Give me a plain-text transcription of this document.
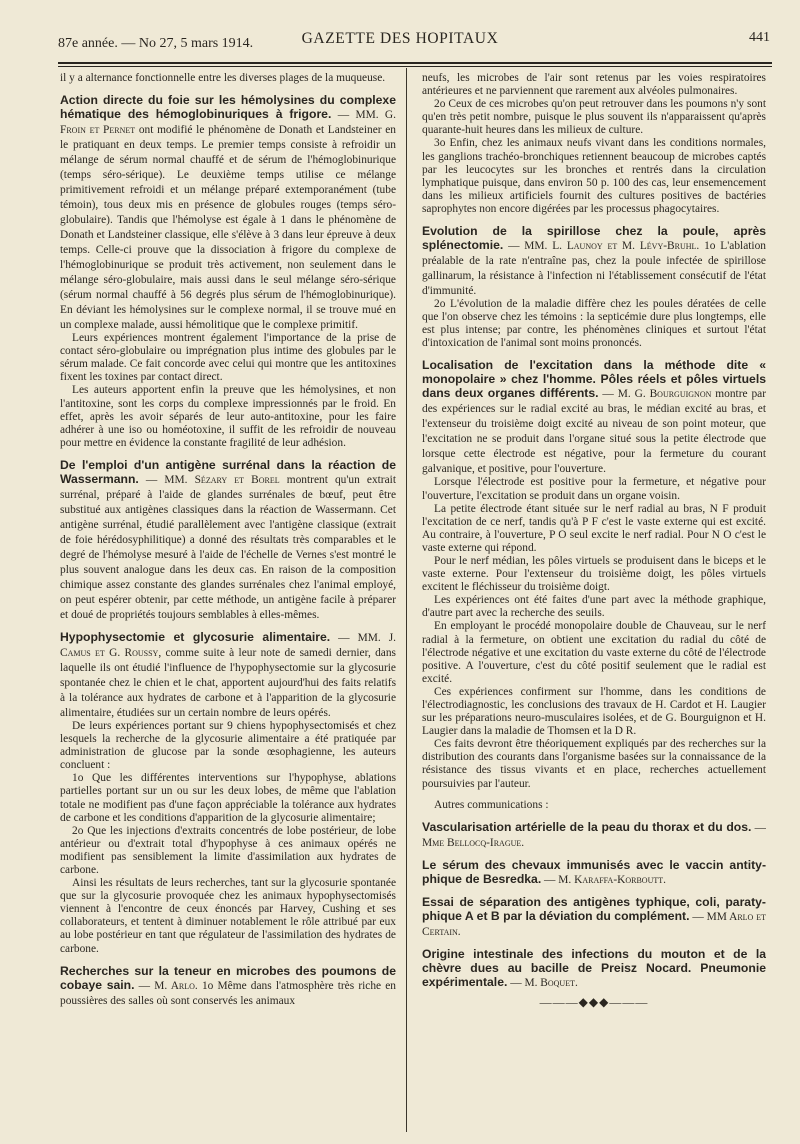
87e année. — No 27, 5 mars 1914.	GAZETTE DES HOPITAUX	441

il y a alternance fonctionnelle entre les diverses plages de la muqueuse.

Action directe du foie sur les hémolysines du complexe hématique des hémoglobinuriques à frigore. — MM. G. Froin et Pernet ont modifié le phénomène de Donath et Landsteiner en le pratiquant en deux temps. Le premier temps consiste à refroidir un mélange de sérum normal chauffé et de sérum de l'hémoglobinurique (temps séro-sérique). Le deuxième temps utilise ce mélange primitivement refroidi et un mélange préparé extemporanément (tube témoin), tous deux mis en présence de globules rouges (temps séro-globulaire). Tandis que l'hémolyse est égale à 1 dans le phénomène de Donath et Landsteiner classique, elle s'élève à 3 dans leur épreuve à deux temps. Celle-ci prouve que la dissociation à frigore du complexe de l'hémoglobinurique se produit très activement, non seulement dans le mélange séro-globulaire, mais aussi dans le seul mélange séro-sérique (sérum normal chauffé à 56 degrés plus sérum de l'hémoglobinurique). En déviant les hémolysines sur le complexe normal, il se trouve mué en un complexe malade, aussi hémolitique que le complexe primitif.

Leurs expériences montrent également l'importance de la prise de contact séro-globulaire ou imprégnation plus intime des globules par le sérum malade. Ce fait concorde avec celui qui montre que les antitoxines fixent les toxines par contact direct.

Les auteurs apportent enfin la preuve que les hémolysines, et non l'antitoxine, sont les corps du complexe impressionnés par le froid. En effet, après les avoir séparés de leur auto-antitoxine, pour les faire adhérer à une iso ou homéotoxine, il suffit de les refroidir de nouveau pour mettre en évidence la constante fragilité de leur adhésion.

De l'emploi d'un antigène surrénal dans la réaction de Wassermann. — MM. Sézary et Borel montrent qu'un extrait surrénal, préparé à l'aide de glandes surrénales de bœuf, peut être substitué aux antigènes classiques dans la réaction de Wassermann. Cet antigène surrénal, étudié parallèlement avec l'antigène classique (extrait de foie hérédosyphilitique) a donné des résultats très comparables et le degré de l'hémolyse mesuré à l'aide de l'échelle de Vernes s'est montré le plus souvent analogue dans les deux cas. En raison de la composition chimique assez constante des glandes surrénales chez l'animal employé, on peut espérer obtenir, par cette méthode, un antigène facile à préparer et doué de propriétés toujours semblables à elles-mêmes.
Hypophysectomie et glycosurie alimentaire. — MM. J. Camus et G. Roussy, comme suite à leur note de samedi dernier, dans laquelle ils ont étudié l'influence de l'hypophysectomie sur la glycosurie spontanée chez le chien et le chat, apportent aujourd'hui des faits relatifs à la tolérance aux hydrates de carbone et à l'apparition de la glycosurie alimentaire, étudiées sur un certain nombre de leurs opérés.

De leurs expériences portant sur 9 chiens hypophysectomisés et chez lesquels la recherche de la glycosurie alimentaire a été pratiquée par administration de glucose par la sonde œsophagienne, les auteurs concluent :

1o Que les différentes interventions sur l'hypophyse, ablations partielles portant sur un ou sur les deux lobes, de même que l'ablation totale ne modifient pas d'une façon appréciable la tolérance aux hydrates de carbone et les conditions d'apparition de la glycosurie alimentaire;

2o Que les injections d'extraits concentrés de lobe postérieur, de lobe antérieur ou d'extrait total d'hypophyse à ces animaux opérés ne modifient pas sensiblement la limite d'assimilation aux hydrates de carbone.

Ainsi les résultats de leurs recherches, tant sur la glycosurie spontanée que sur la glycosurie provoquée chez les animaux hypophysectomisés viennent à l'encontre de ceux énoncés par Harvey, Cushing et ses collaborateurs, et tentent à diminuer notablement le rôle attribué par eux au lobe postérieur en tant que régulateur de l'assimilation des hydrates de carbone.

Recherches sur la teneur en microbes des poumons de cobaye sain. — M. Arlo. 1o Même dans l'atmosphère très riche en poussières des salles où sont conservés les animaux

neufs, les microbes de l'air sont retenus par les voies respiratoires antérieures et ne parviennent que rarement aux alvéoles pulmonaires.

2o Ceux de ces microbes qu'on peut retrouver dans les poumons n'y sont qu'en très petit nombre, puisque le plus souvent ils n'apparaissent qu'après quarante-huit heures dans les milieux de culture.

3o Enfin, chez les animaux neufs vivant dans les conditions normales, les ganglions trachéo-bronchiques retiennent beaucoup de microbes captés par les leucocytes sur les bronches et rentrés dans la circulation lymphatique puisque, dans environ 50 p. 100 des cas, leur ensemencement dans les milieux artificiels fournit des cultures positives de bactéries saprophytes non encore digérées par les processus phagocytaires.

Evolution de la spirillose chez la poule, après splénectomie. — MM. L. Launoy et M. Lévy-Bruhl. 1o L'ablation préalable de la rate n'entraîne pas, chez la poule infectée de spirillose gallinarum, la résistance à l'infection ni l'établissement consécutif de l'état d'immunité.

2o L'évolution de la maladie diffère chez les poules dératées de celle que l'on observe chez les témoins : la septicémie dure plus longtemps, elle est plus intense; par contre, les phénomènes cliniques et surtout l'état d'intoxication de l'animal sont moins prononcés.

Localisation de l'excitation dans la méthode dite « monopolaire » chez l'homme. Pôles réels et pôles virtuels dans deux organes différents. — M. G. Bourguignon montre par des expériences sur le radial excité au bras, le médian excité au bras, et l'extenseur du troisième doigt excité au niveau de son point moteur, que l'excitation ne se produit dans l'organe situé sous la petite électrode que lorsque cette électrode est négative, pour la fermeture du courant galvanique, et positive, pour l'ouverture.

Lorsque l'électrode est positive pour la fermeture, et négative pour l'ouverture, l'excitation se produit dans un organe voisin.

La petite électrode étant située sur le nerf radial au bras, N F produit l'excitation de ce nerf, tandis qu'à P F c'est le vaste externe qui est excité. Au contraire, à l'ouverture, P O seul excite le nerf radial. Pour N O c'est le vaste externe qui répond.

Pour le nerf médian, les pôles virtuels se produisent dans le biceps et le vaste externe. Pour l'extenseur du troisième doigt, les pôles virtuels excitent le fléchisseur du troisième doigt.

Les expériences ont été faites d'une part avec la méthode graphique, d'autre part avec la recherche des seuils.

En employant le procédé monopolaire double de Chauveau, sur le nerf radial à la fermeture, on obtient une excitation du radial du côté de l'électrode négative et une excitation du vaste externe du côté de l'électrode positive. A l'ouverture, c'est du côté positif seulement que le radial est excité.

Ces expériences confirment sur l'homme, dans les conditions de l'électrodiagnostic, les conclusions des travaux de H. Cardot et H. Laugier sur les préparations neuro-musculaires isolées, et de G. Bourguignon et H. Laugier dans la maladie de Thomsen et la D R.

Ces faits devront être théoriquement expliqués par des recherches sur la distribution des courants dans l'organisme basées sur la connaissance de la résistance des tissus vivants et en place, recherches actuellement poursuivies par l'auteur.

Autres communications :

Vascularisation artérielle de la peau du thorax et du dos. — Mme Bellocq-Irague.
Le sérum des chevaux immunisés avec le vaccin antity-phique de Besredka. — M. Karaffa-Korboutt.
Essai de séparation des antigènes typhique, coli, paraty-phique A et B par la déviation du complément. — MM Arlo et Certain.
Origine intestinale des infections du mouton et de la chèvre dues au bacille de Preisz Nocard. Pneumonie expérimentale. — M. Boquet.
———◆◆◆———
